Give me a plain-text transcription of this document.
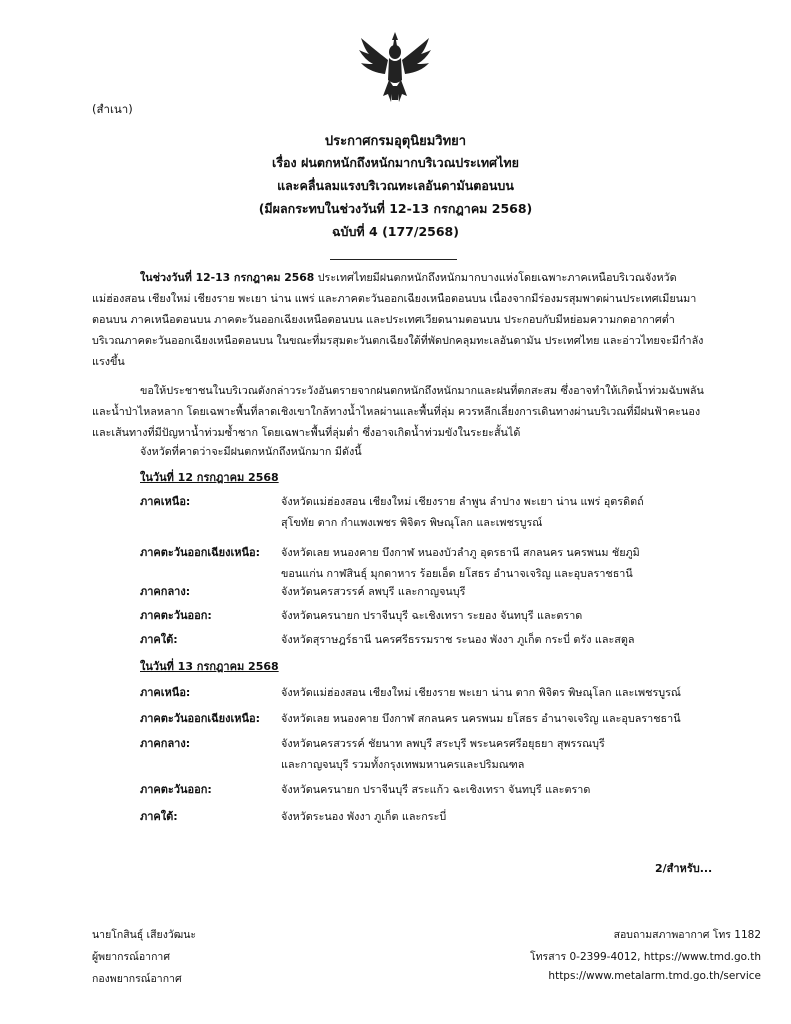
(สำเนา)
ประกาศกรมอุตุนิยมวิทยา
เรื่อง ฝนตกหนักถึงหนักมากบริเวณประเทศไทย
และคลื่นลมแรงบริเวณทะเลอันดามันตอนบน
(มีผลกระทบในช่วงวันที่ 12-13 กรกฎาคม 2568)
ฉบับที่ 4 (177/2568)
ในช่วงวันที่ 12-13 กรกฎาคม 2568 ประเทศไทยมีฝนตกหนักถึงหนักมากบางแห่งโดยเฉพาะภาคเหนือบริเวณจังหวัด
แม่ฮ่องสอน เชียงใหม่ เชียงราย พะเยา น่าน แพร่ และภาคตะวันออกเฉียงเหนือตอนบน เนื่องจากมีร่องมรสุมพาดผ่านประเทศเมียนมา
ตอนบน ภาคเหนือตอนบน ภาคตะวันออกเฉียงเหนือตอนบน และประเทศเวียดนามตอนบน ประกอบกับมีหย่อมความกดอากาศต่ำ
บริเวณภาคตะวันออกเฉียงเหนือตอนบน ในขณะที่มรสุมตะวันตกเฉียงใต้ที่พัดปกคลุมทะเลอันดามัน ประเทศไทย และอ่าวไทยจะมีกำลัง
แรงขึ้น
ขอให้ประชาชนในบริเวณดังกล่าวระวังอันตรายจากฝนตกหนักถึงหนักมากและฝนที่ตกสะสม ซึ่งอาจทำให้เกิดน้ำท่วมฉับพลัน
และน้ำป่าไหลหลาก โดยเฉพาะพื้นที่ลาดเชิงเขาใกล้ทางน้ำไหลผ่านและพื้นที่ลุ่ม ควรหลีกเลี่ยงการเดินทางผ่านบริเวณที่มีฝนฟ้าคะนอง
และเส้นทางที่มีปัญหาน้ำท่วมซ้ำซาก โดยเฉพาะพื้นที่ลุ่มต่ำ ซึ่งอาจเกิดน้ำท่วมขังในระยะสั้นได้
จังหวัดที่คาดว่าจะมีฝนตกหนักถึงหนักมาก มีดังนี้
ในวันที่ 12 กรกฎาคม 2568
ภาคเหนือ:	จังหวัดแม่ฮ่องสอน เชียงใหม่ เชียงราย ลำพูน ลำปาง พะเยา น่าน แพร่ อุตรดิตถ์
สุโขทัย ตาก กำแพงเพชร พิจิตร พิษณุโลก และเพชรบูรณ์
ภาคตะวันออกเฉียงเหนือ: จังหวัดเลย หนองคาย บึงกาฬ หนองบัวลำภู อุดรธานี สกลนคร นครพนม ชัยภูมิ
ขอนแก่น กาฬสินธุ์ มุกดาหาร ร้อยเอ็ด ยโสธร อำนาจเจริญ และอุบลราชธานี
ภาคกลาง:	จังหวัดนครสวรรค์ ลพบุรี และกาญจนบุรี
ภาคตะวันออก:	จังหวัดนครนายก ปราจีนบุรี ฉะเชิงเทรา ระยอง จันทบุรี และตราด
ภาคใต้:	จังหวัดสุราษฎร์ธานี นครศรีธรรมราช ระนอง พังงา ภูเก็ต กระบี่ ตรัง และสตูล
ในวันที่ 13 กรกฎาคม 2568
ภาคเหนือ:	จังหวัดแม่ฮ่องสอน เชียงใหม่ เชียงราย พะเยา น่าน ตาก พิจิตร พิษณุโลก และเพชรบูรณ์
ภาคตะวันออกเฉียงเหนือ: จังหวัดเลย หนองคาย บึงกาฬ สกลนคร นครพนม ยโสธร อำนาจเจริญ และอุบลราชธานี
ภาคกลาง:	จังหวัดนครสวรรค์ ชัยนาท ลพบุรี สระบุรี พระนครศรีอยุธยา สุพรรณบุรี
และกาญจนบุรี รวมทั้งกรุงเทพมหานครและปริมณฑล
ภาคตะวันออก:	จังหวัดนครนายก ปราจีนบุรี สระแก้ว ฉะเชิงเทรา จันทบุรี และตราด
ภาคใต้:	จังหวัดระนอง พังงา ภูเก็ต และกระบี่
2/สำหรับ...
นายโกสินธุ์ เสียงวัฒนะ
ผู้พยากรณ์อากาศ
กองพยากรณ์อากาศ
สอบถามสภาพอากาศ โทร 1182
โทรสาร 0-2399-4012, https://www.tmd.go.th
https://www.metalarm.tmd.go.th/service
